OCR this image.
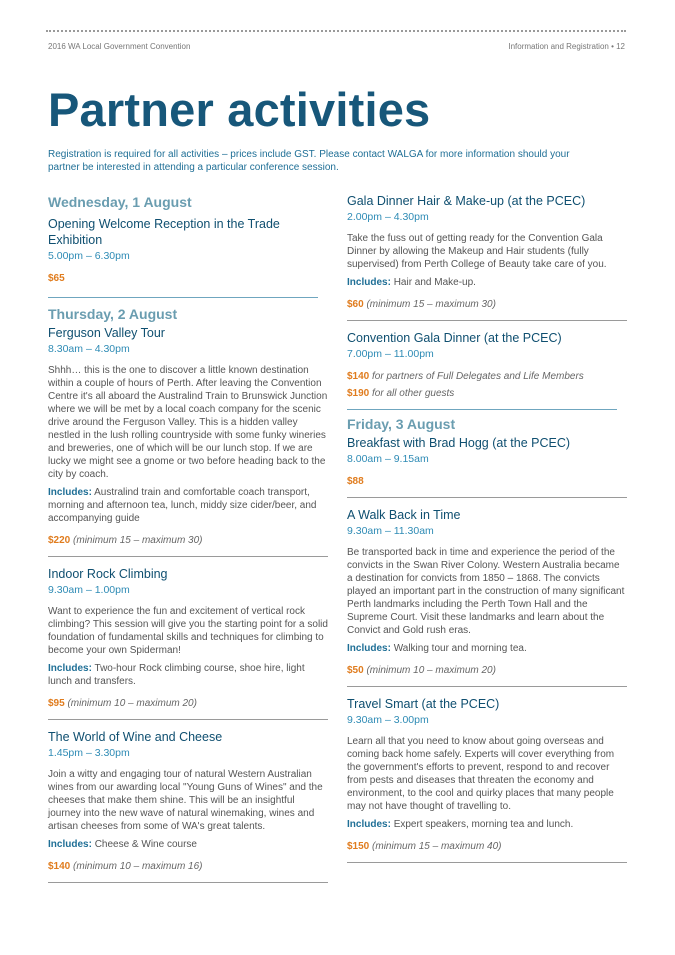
2016 WA Local Government Convention	Information and Registration • 12
Partner activities
Registration is required for all activities – prices include GST. Please contact WALGA for more information should your partner be interested in attending a particular conference session.
Wednesday, 1 August
Opening Welcome Reception in the Trade Exhibition
5.00pm – 6.30pm
$65
Thursday, 2 August
Ferguson Valley Tour
8.30am – 4.30pm
Shhh… this is the one to discover a little known destination within a couple of hours of Perth. After leaving the Convention Centre it's all aboard the Australind Train to Brunswick Junction where we will be met by a local coach company for the scenic drive around the Ferguson Valley. This is a hidden valley nestled in the lush rolling countryside with some funky wineries and breweries, one of which will be our lunch stop. If we are lucky we might see a gnome or two before heading back to the city by coach.
Includes: Australind train and comfortable coach transport, morning and afternoon tea, lunch, middy size cider/beer, and accompanying guide
$220 (minimum 15 – maximum 30)
Indoor Rock Climbing
9.30am – 1.00pm
Want to experience the fun and excitement of vertical rock climbing? This session will give you the starting point for a solid foundation of fundamental skills and techniques for climbing to become your own Spiderman!
Includes: Two-hour Rock climbing course, shoe hire, light lunch and transfers.
$95 (minimum 10 – maximum 20)
The World of Wine and Cheese
1.45pm – 3.30pm
Join a witty and engaging tour of natural Western Australian wines from our awarding local "Young Guns of Wines" and the cheeses that make them shine. This will be an insightful journey into the new wave of natural winemaking, wines and artisan cheeses from some of WA's great talents.
Includes: Cheese & Wine course
$140 (minimum 10 – maximum 16)
Gala Dinner Hair & Make-up (at the PCEC)
2.00pm – 4.30pm
Take the fuss out of getting ready for the Convention Gala Dinner by allowing the Makeup and Hair students (fully supervised) from Perth College of Beauty take care of you.
Includes: Hair and Make-up.
$60 (minimum 15 – maximum 30)
Convention Gala Dinner (at the PCEC)
7.00pm – 11.00pm
$140 for partners of Full Delegates and Life Members
$190 for all other guests
Friday, 3 August
Breakfast with Brad Hogg (at the PCEC)
8.00am – 9.15am
$88
A Walk Back in Time
9.30am – 11.30am
Be transported back in time and experience the period of the convicts in the Swan River Colony. Western Australia became a destination for convicts from 1850 – 1868. The convicts played an important part in the construction of many significant Perth landmarks including the Perth Town Hall and the Supreme Court. Visit these landmarks and learn about the Convict and Gold rush eras.
Includes: Walking tour and morning tea.
$50 (minimum 10 – maximum 20)
Travel Smart (at the PCEC)
9.30am – 3.00pm
Learn all that you need to know about going overseas and coming back home safely. Experts will cover everything from the government's efforts to prevent, respond to and recover from pests and diseases that threaten the economy and environment, to the cool and quirky places that many people may not have thought of travelling to.
Includes: Expert speakers, morning tea and lunch.
$150 (minimum 15 – maximum 40)
